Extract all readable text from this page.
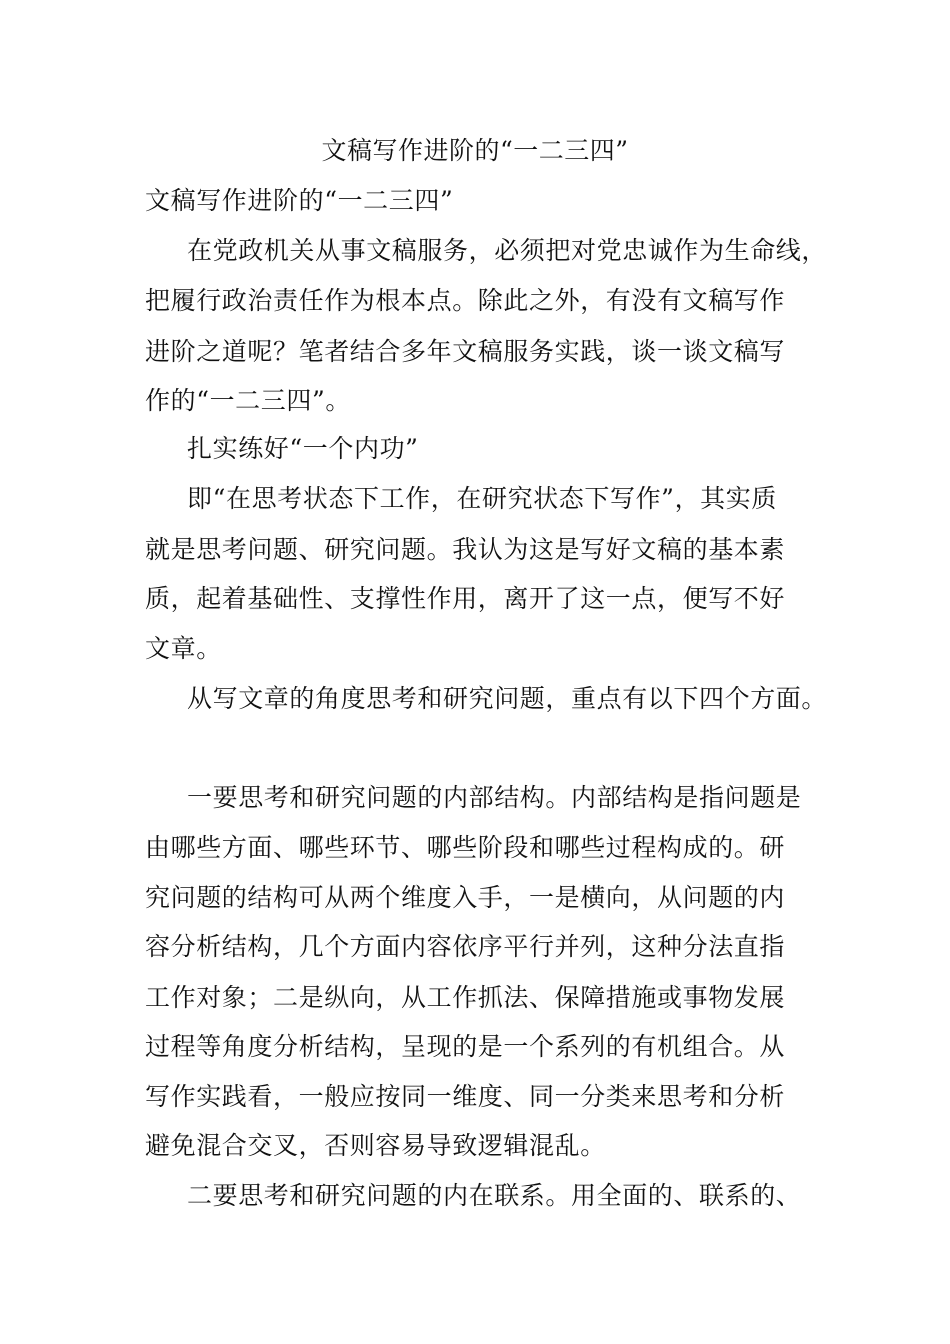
文稿写作进阶的“一二三四”
文稿写作进阶的“一二三四”
在党政机关从事文稿服务，必须把对党忠诚作为生命线，
把履行政治责任作为根本点。除此之外，有没有文稿写作
进阶之道呢？笔者结合多年文稿服务实践，谈一谈文稿写
作的“一二三四”。
扎实练好“一个内功”
即“在思考状态下工作，在研究状态下写作”，其实质
就是思考问题、研究问题。我认为这是写好文稿的基本素
质，起着基础性、支撑性作用，离开了这一点，便写不好
文章。
从写文章的角度思考和研究问题，重点有以下四个方面。
一要思考和研究问题的内部结构。内部结构是指问题是
由哪些方面、哪些环节、哪些阶段和哪些过程构成的。研
究问题的结构可从两个维度入手，一是横向，从问题的内
容分析结构，几个方面内容依序平行并列，这种分法直指
工作对象；二是纵向，从工作抓法、保障措施或事物发展
过程等角度分析结构，呈现的是一个系列的有机组合。从
写作实践看，一般应按同一维度、同一分类来思考和分析
避免混合交叉，否则容易导致逻辑混乱。
二要思考和研究问题的内在联系。用全面的、联系的、
